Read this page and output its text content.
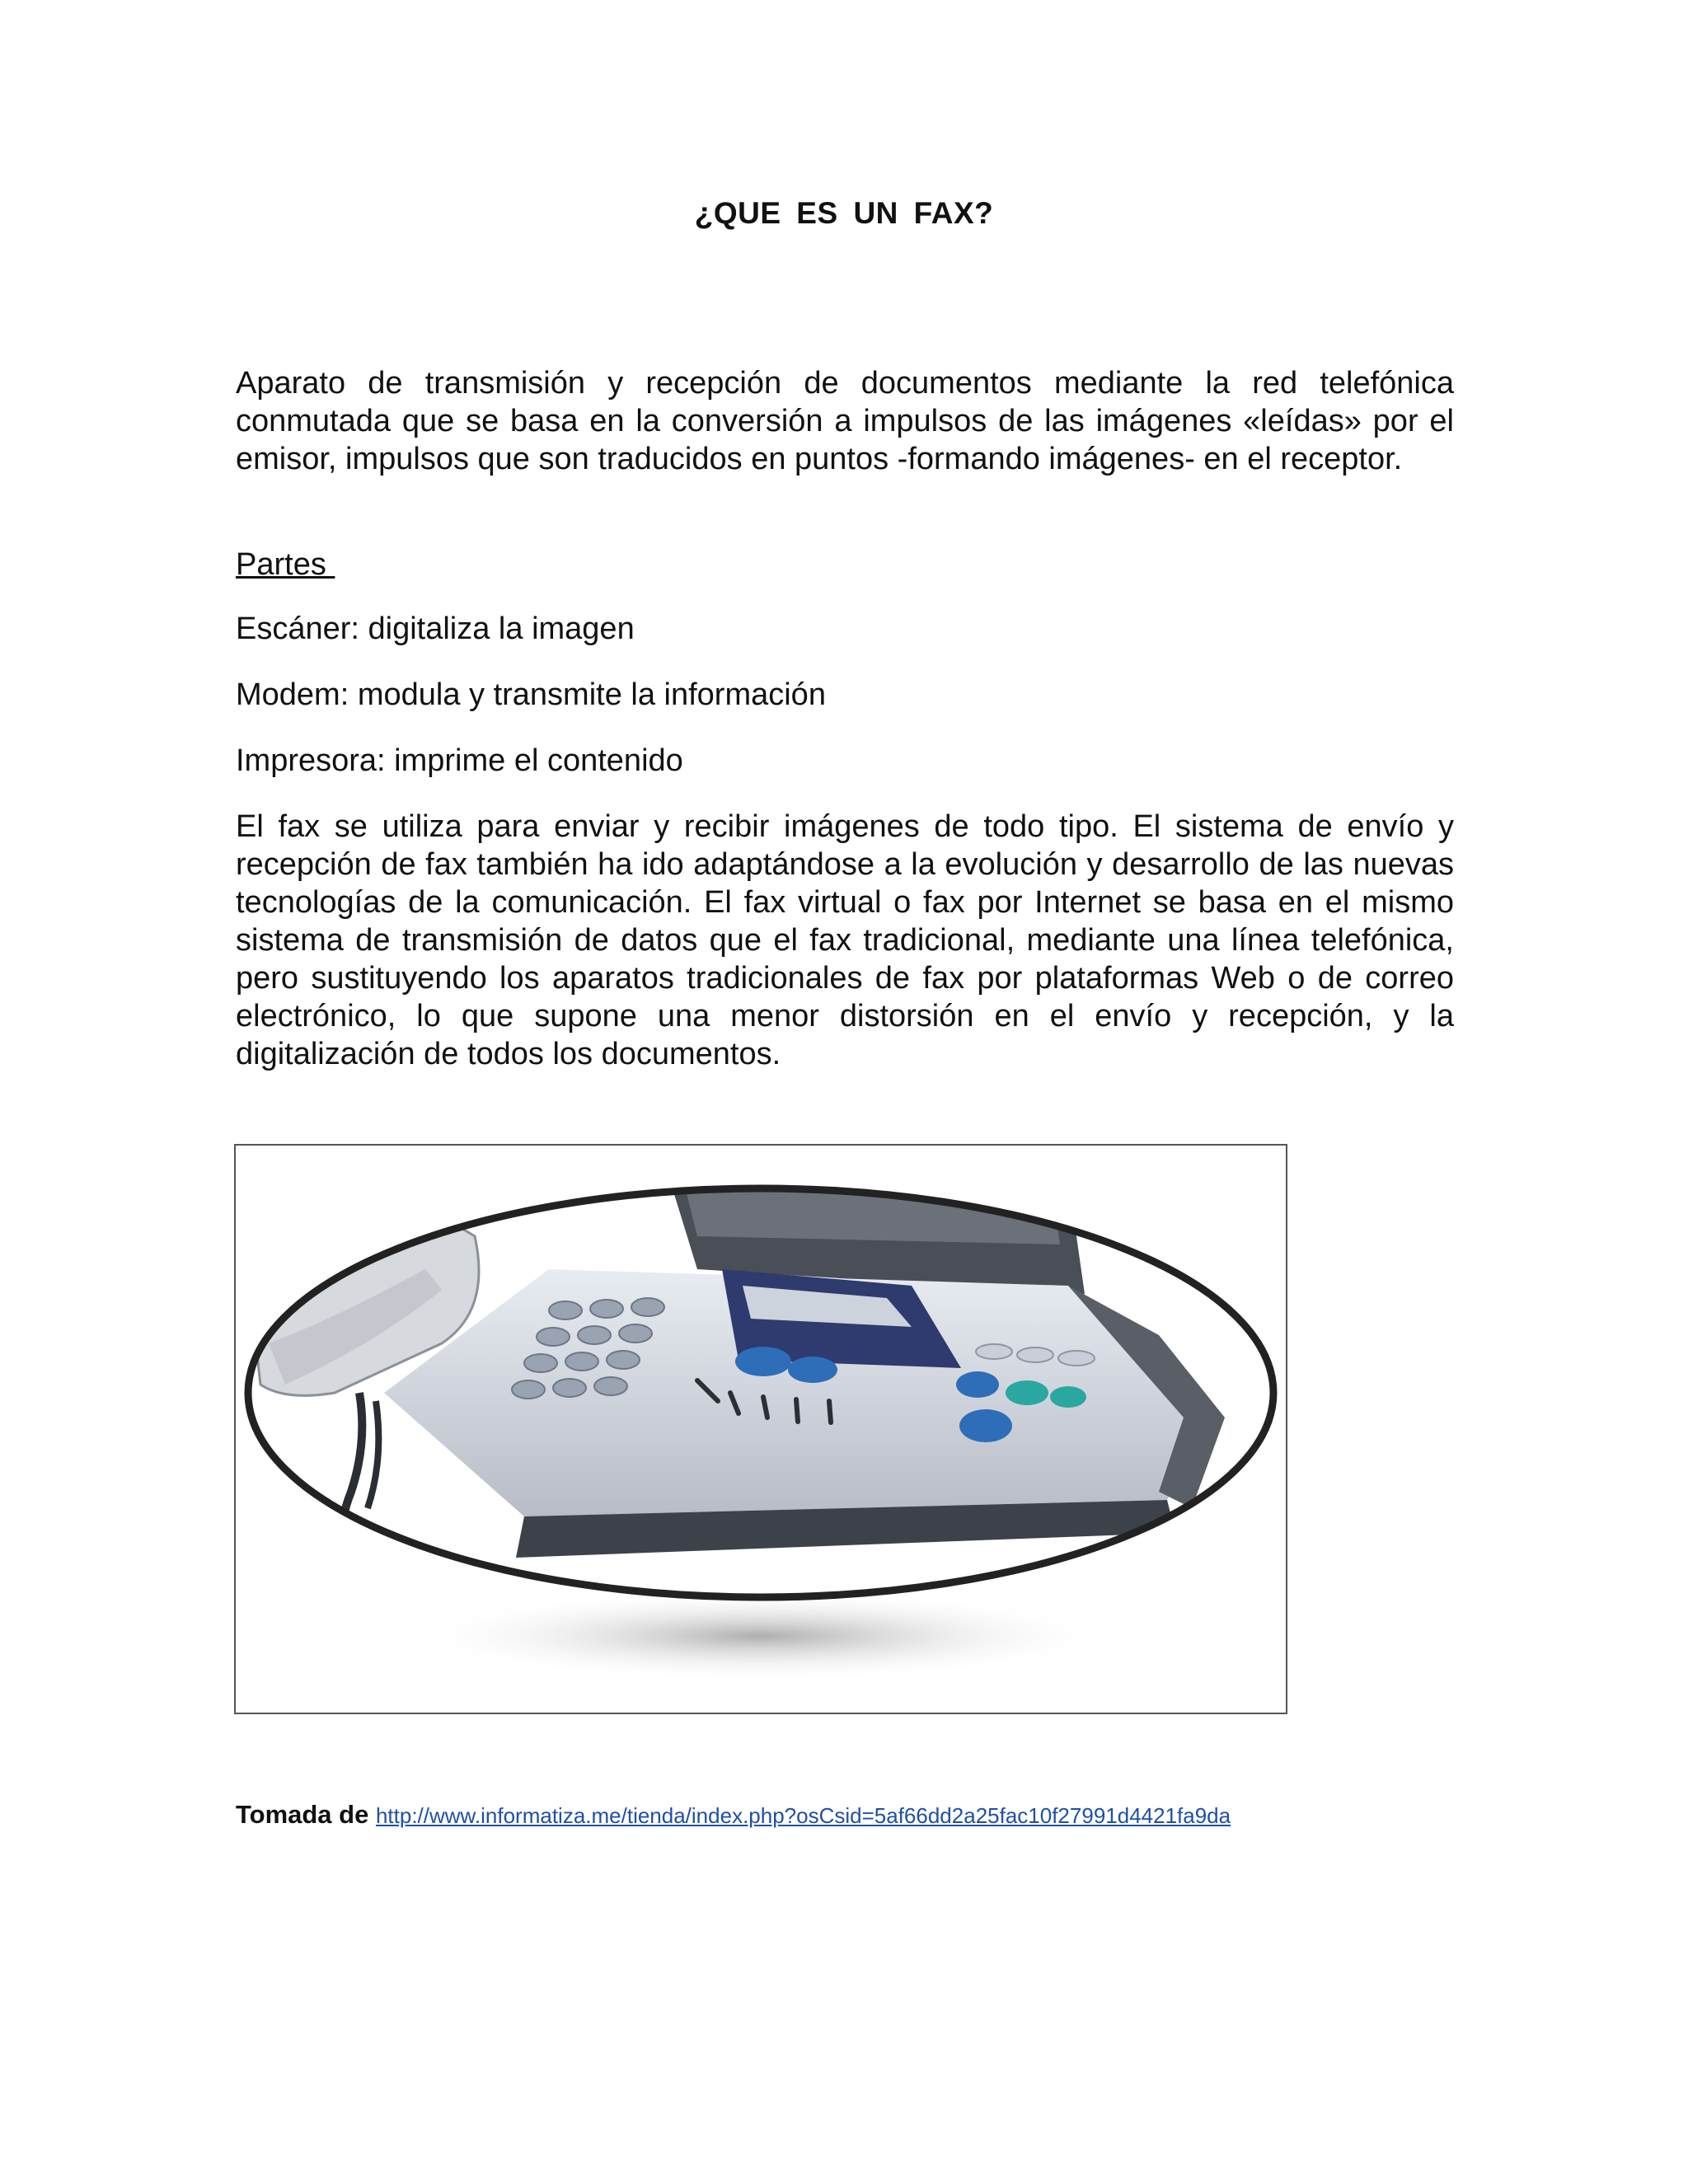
¿QUE ES UN FAX?
Aparato de transmisión y recepción de documentos mediante la red telefónica conmutada que se basa en la conversión a impulsos de las imágenes «leídas» por el emisor, impulsos que son traducidos en puntos -formando imágenes- en el receptor.
Partes
Escáner: digitaliza la imagen
Modem: modula y transmite la información
Impresora: imprime el contenido
El fax se utiliza para enviar y recibir imágenes de todo tipo. El sistema de envío y recepción de fax también ha ido adaptándose a la evolución y desarrollo de las nuevas tecnologías de la comunicación. El fax virtual o fax por Internet se basa en el mismo sistema de transmisión de datos que el fax tradicional, mediante una línea telefónica, pero sustituyendo los aparatos tradicionales de fax por plataformas Web o de correo electrónico, lo que supone una menor distorsión en el envío y recepción, y la digitalización de todos los documentos.
Tomada de http://www.informatiza.me/tienda/index.php?osCsid=5af66dd2a25fac10f27991d4421fa9da
